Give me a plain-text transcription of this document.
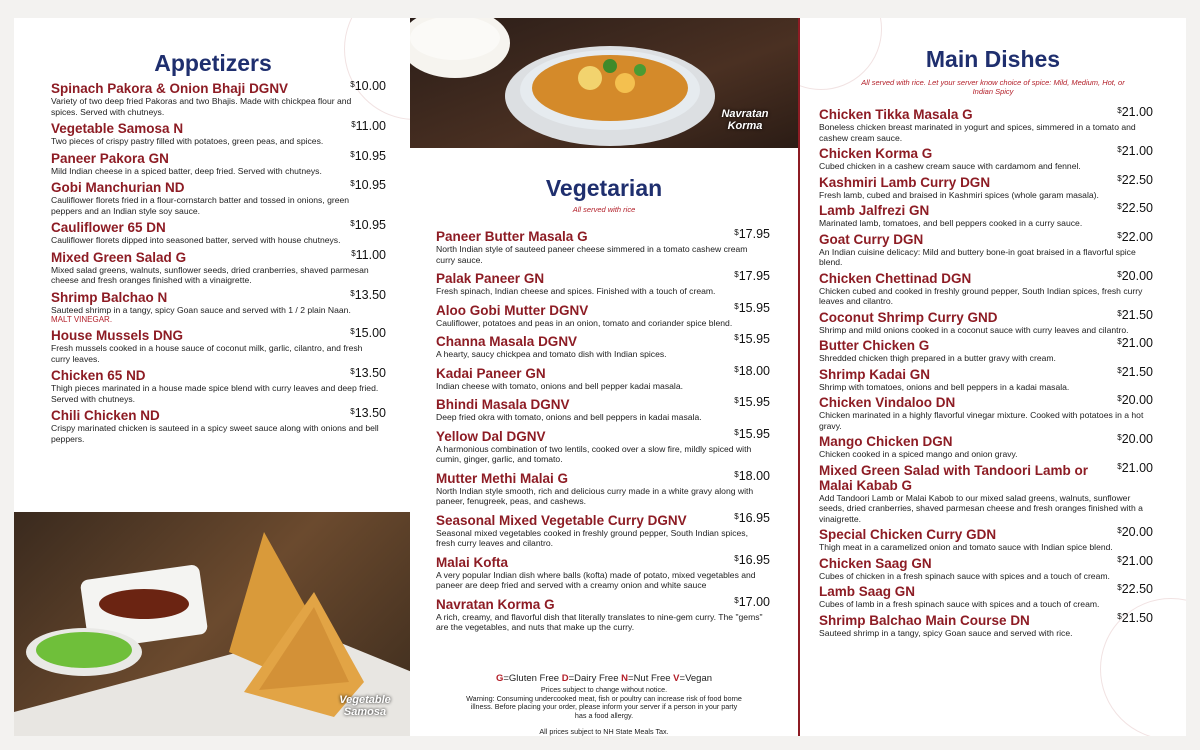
Appetizers
Spinach Pakora & Onion Bhaji DGNV	$10.00
Variety of two deep fried Pakoras and two Bhajis. Made with chickpea flour and spices. Served with chutneys.
Vegetable Samosa N	$11.00
Two pieces of crispy pastry filled with potatoes, green peas, and spices.
Paneer Pakora GN	$10.95
Mild Indian cheese in a spiced batter, deep fried. Served with chutneys.
Gobi Manchurian ND	$10.95
Cauliflower florets fried in a flour-cornstarch batter and tossed in onions, green peppers and an Indian style soy sauce.
Cauliflower 65 DN	$10.95
Cauliflower florets dipped into seasoned batter, served with house chutneys.
Mixed Green Salad G	$11.00
Mixed salad greens, walnuts, sunflower seeds, dried cranberries, shaved parmesan cheese and fresh oranges finished with a vinaigrette.
Shrimp Balchao N	$13.50
Sauteed shrimp in a tangy, spicy Goan sauce and served with 1 / 2 plain Naan.
MALT VINEGAR.
House Mussels DNG	$15.00
Fresh mussels cooked in a house sauce of coconut milk, garlic, cilantro, and fresh curry leaves.
Chicken 65 ND	$13.50
Thigh pieces marinated in a house made spice blend with curry leaves and deep fried. Served with chutneys.
Chili Chicken ND	$13.50
Crispy marinated chicken is sauteed in a spicy sweet sauce along with onions and bell peppers.
Vegetable Samosa
Navratan Korma
Vegetarian

All served with rice

Paneer Butter Masala G	$17.95
North Indian style of sauteed paneer cheese simmered in a tomato cashew cream curry sauce.
Palak Paneer GN	$17.95
Fresh spinach, Indian cheese and spices. Finished with a touch of cream.
Aloo Gobi Mutter DGNV	$15.95
Cauliflower, potatoes and peas in an onion, tomato and coriander spice blend.
Channa Masala DGNV	$15.95
A hearty, saucy chickpea and tomato dish with Indian spices.
Kadai Paneer GN	$18.00
Indian cheese with tomato, onions and bell pepper kadai masala.
Bhindi Masala DGNV	$15.95
Deep fried okra with tomato, onions and bell peppers in kadai masala.
Yellow Dal DGNV	$15.95
A harmonious combination of two lentils, cooked over a slow fire, mildly spiced with cumin, ginger, garlic, and tomato.
Mutter Methi Malai G	$18.00
North Indian style smooth, rich and delicious curry made in a white gravy along with paneer, fenugreek, peas, and cashews.
Seasonal Mixed Vegetable Curry DGNV	$16.95
Seasonal mixed vegetables cooked in freshly ground pepper, South Indian spices, fresh curry leaves and cilantro.
Malai Kofta	$16.95
A very popular Indian dish where balls (kofta) made of potato, mixed vegetables and paneer are deep fried and served with a creamy onion and white sauce
Navratan Korma G	$17.00
A rich, creamy, and flavorful dish that literally translates to nine-gem curry. The "gems" are the vegetables, and nuts that make up the curry.
G=Gluten Free D=Dairy Free N=Nut Free V=Vegan
Prices subject to change without notice.
Warning: Consuming undercooked meat, fish or poultry can increase risk of food borne illness. Before placing your order, please inform your server if a person in your party has a food allergy.
All prices subject to NH State Meals Tax.
Main Dishes

All served with rice. Let your server know choice of spice: Mild, Medium, Hot, or Indian Spicy

Chicken Tikka Masala G	$21.00
Boneless chicken breast marinated in yogurt and spices, simmered in a tomato and cashew cream sauce.
Chicken Korma G	$21.00
Cubed chicken in a cashew cream sauce with cardamom and fennel.
Kashmiri Lamb Curry DGN	$22.50
Fresh lamb, cubed and braised in Kashmiri spices (whole garam masala).
Lamb Jalfrezi GN	$22.50
Marinated lamb, tomatoes, and bell peppers cooked in a curry sauce.
Goat Curry DGN	$22.00
An Indian cuisine delicacy: Mild and buttery bone-in goat braised in a flavorful spice blend.
Chicken Chettinad DGN	$20.00
Chicken cubed and cooked in freshly ground pepper, South Indian spices, fresh curry leaves and cilantro.
Coconut Shrimp Curry GND	$21.50
Shrimp and mild onions cooked in a coconut sauce with curry leaves and cilantro.
Butter Chicken G	$21.00
Shredded chicken thigh prepared in a butter gravy with cream.
Shrimp Kadai GN	$21.50
Shrimp with tomatoes, onions and bell peppers in a kadai masala.
Chicken Vindaloo DN	$20.00
Chicken marinated in a highly flavorful vinegar mixture. Cooked with potatoes in a hot gravy.
Mango Chicken DGN	$20.00
Chicken cooked in a spiced mango and onion gravy.
Mixed Green Salad with Tandoori Lamb or Malai Kabab G
$21.00
Add Tandoori Lamb or Malai Kabob to our mixed salad greens, walnuts, sunflower seeds, dried cranberries, shaved parmesan cheese and fresh oranges finished with a vinaigrette.
Special Chicken Curry GDN	$20.00
Thigh meat in a caramelized onion and tomato sauce with Indian spice blend.
Chicken Saag GN	$21.00
Cubes of chicken in a fresh spinach sauce with spices and a touch of cream.
Lamb Saag GN	$22.50
Cubes of lamb in a fresh spinach sauce with spices and a touch of cream.
Shrimp Balchao Main Course DN	$21.50
Sauteed shrimp in a tangy, spicy Goan sauce and served with rice.
